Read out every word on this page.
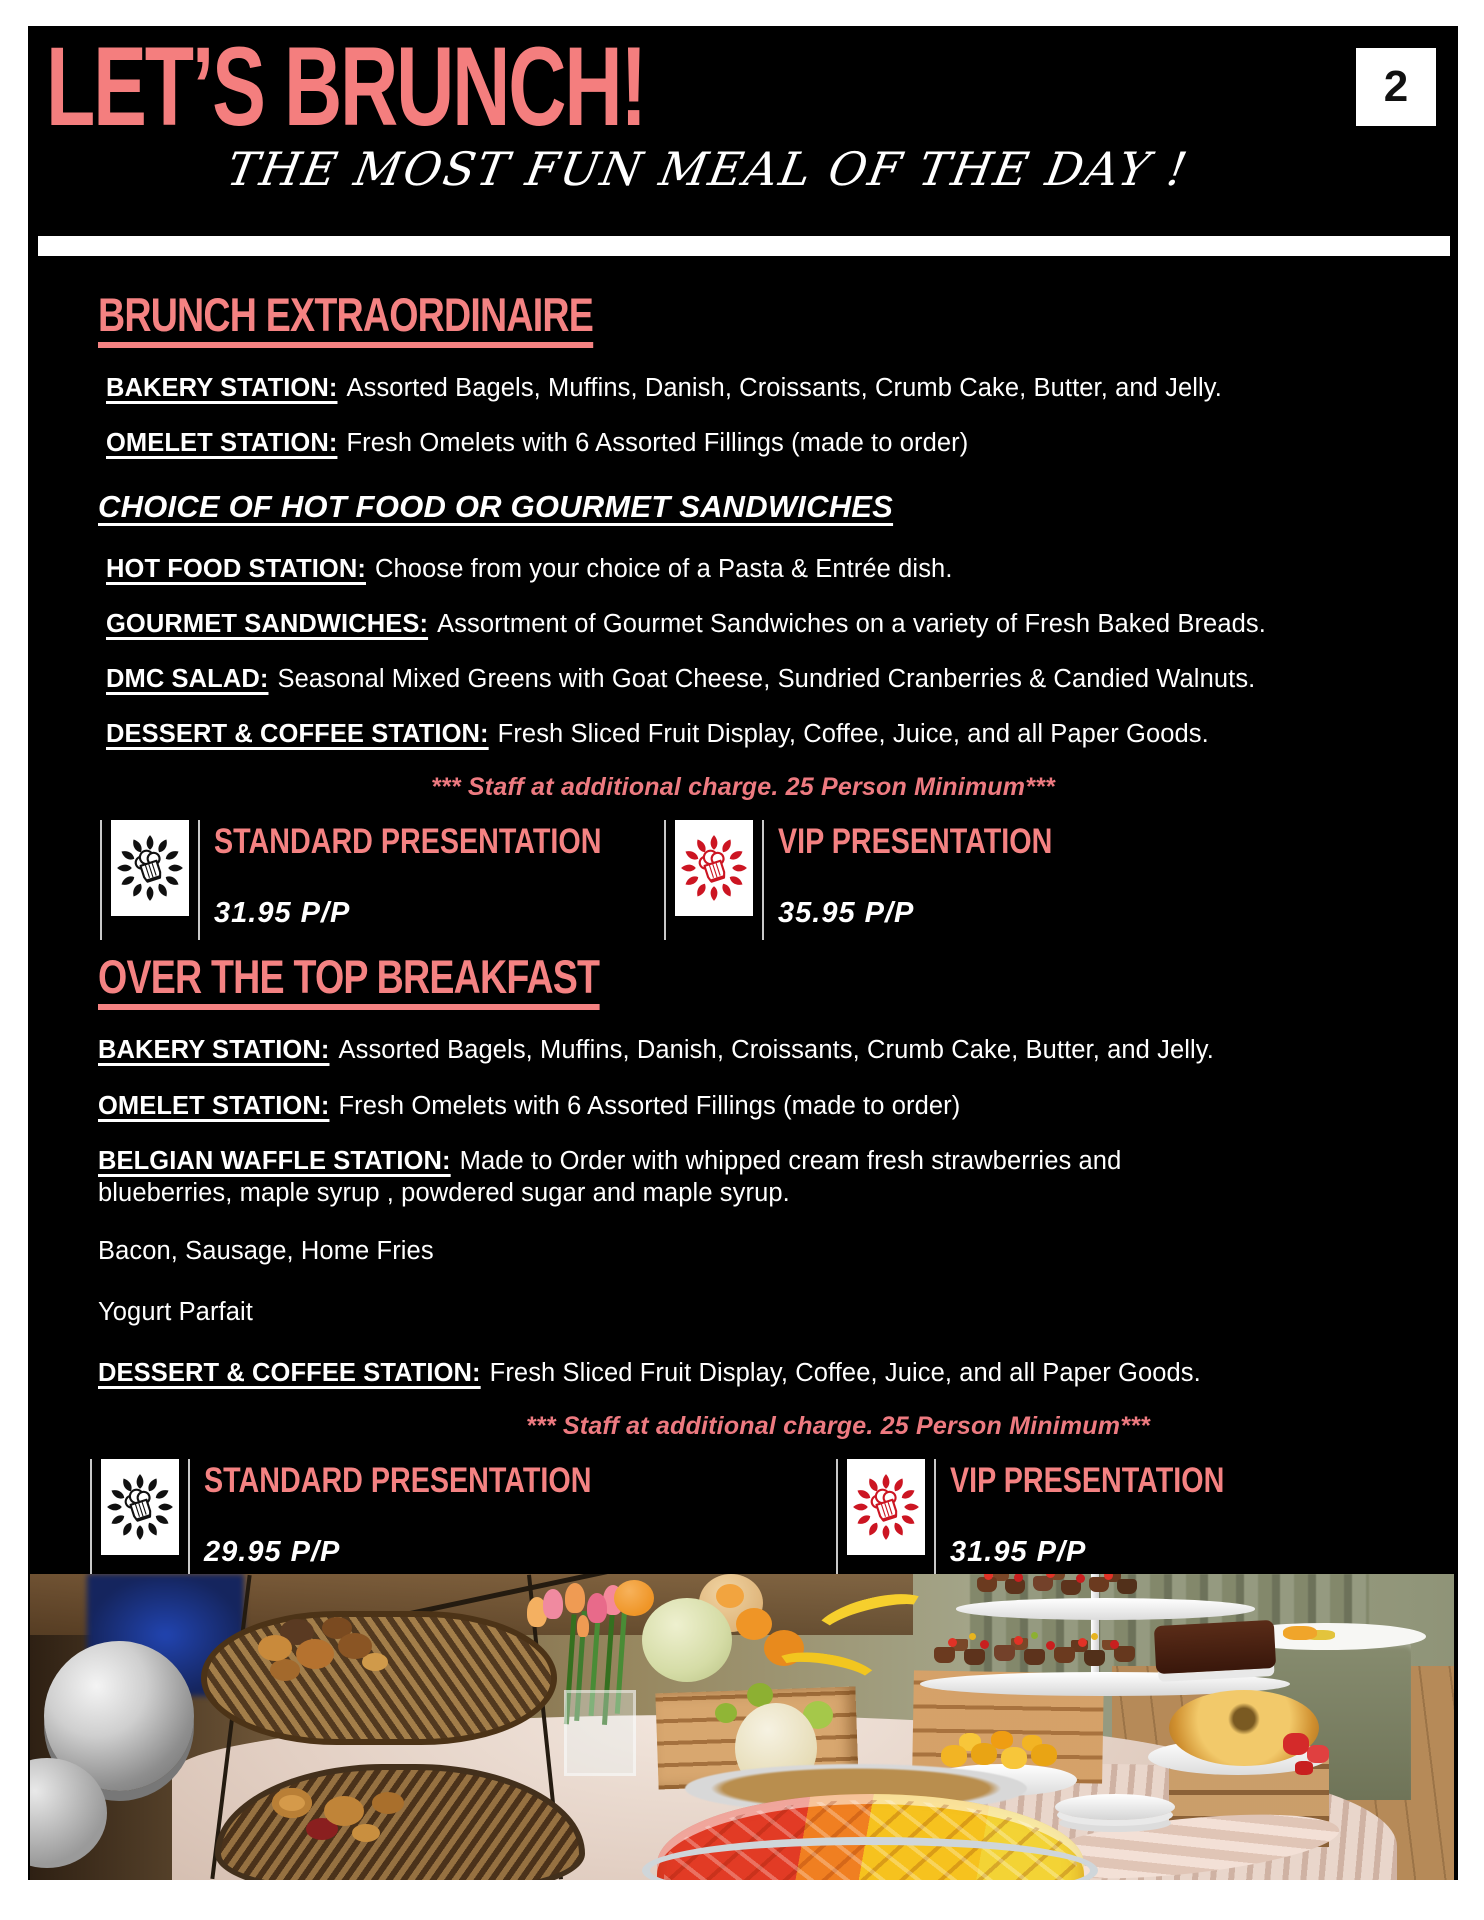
LET’S BRUNCH!
THE MOST FUN MEAL OF THE DAY !
2
BRUNCH EXTRAORDINAIRE
BAKERY STATION: Assorted Bagels, Muffins, Danish, Croissants, Crumb Cake, Butter, and Jelly.
OMELET STATION: Fresh Omelets with 6 Assorted Fillings (made to order)
CHOICE OF HOT FOOD OR GOURMET SANDWICHES
HOT FOOD STATION: Choose from your choice of a Pasta & Entrée dish.
GOURMET SANDWICHES: Assortment of Gourmet Sandwiches on a variety of Fresh Baked Breads.
DMC SALAD: Seasonal Mixed Greens with Goat Cheese, Sundried Cranberries & Candied Walnuts.
DESSERT & COFFEE STATION: Fresh Sliced Fruit Display, Coffee, Juice, and all Paper Goods.
*** Staff at additional charge. 25 Person Minimum***
STANDARD PRESENTATION
31.95 P/P
VIP PRESENTATION
35.95 P/P
OVER THE TOP BREAKFAST
BAKERY STATION: Assorted Bagels, Muffins, Danish, Croissants, Crumb Cake, Butter, and Jelly.
OMELET STATION: Fresh Omelets with 6 Assorted Fillings (made to order)
BELGIAN WAFFLE STATION: Made to Order with whipped cream fresh strawberries and blueberries, maple syrup , powdered sugar and maple syrup.
Bacon, Sausage, Home Fries
Yogurt Parfait
DESSERT & COFFEE STATION: Fresh Sliced Fruit Display, Coffee, Juice, and all Paper Goods.
*** Staff at additional charge. 25 Person Minimum***
STANDARD PRESENTATION
29.95 P/P
VIP PRESENTATION
31.95 P/P
